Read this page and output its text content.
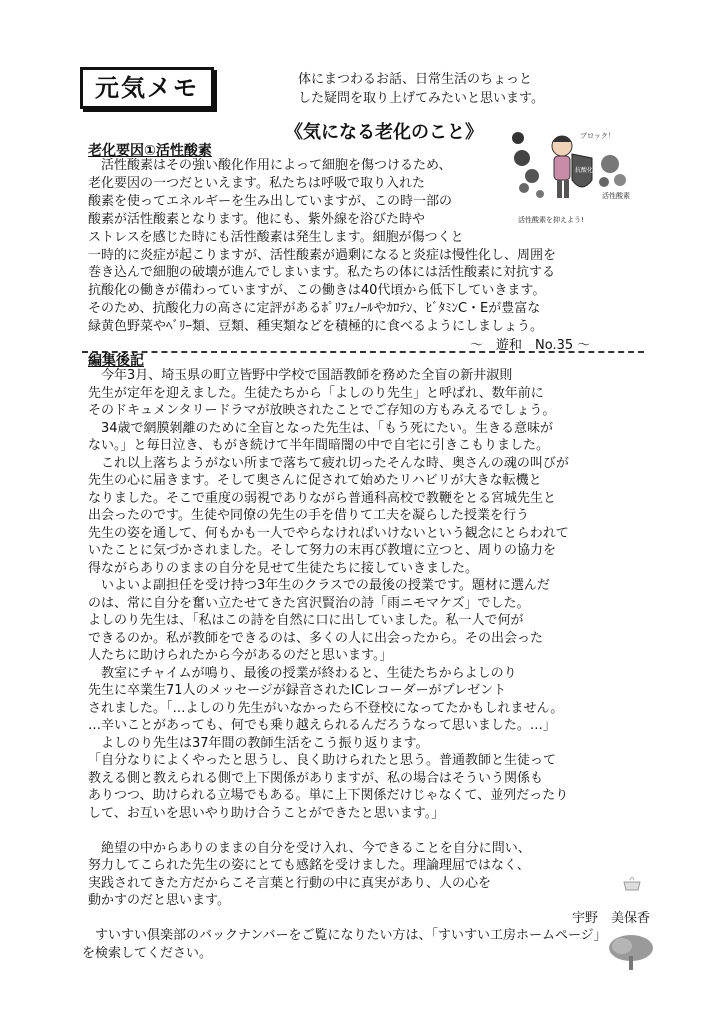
元気メモ	体にまつわるお話、日常生活のちょっと
した疑問を取り上げてみたいと思います。
《気になる老化のこと》
老化要因①活性酸素
　活性酸素はその強い酸化作用によって細胞を傷つけるため、
老化要因の一つだといえます。私たちは呼吸で取り入れた
酸素を使ってエネルギーを生み出していますが、この時一部の
酸素が活性酸素となります。他にも、紫外線を浴びた時や
ストレスを感じた時にも活性酸素は発生します。細胞が傷つくと
一時的に炎症が起こりますが、活性酸素が過剰になると炎症は慢性化し、周囲を
巻き込んで細胞の破壊が進んでしまいます。私たちの体には活性酸素に対抗する
抗酸化の働きが備わっていますが、この働きは40代頃から低下していきます。
そのため、抗酸化力の高さに定評があるﾎﾟﾘﾌｪﾉｰﾙやｶﾛﾃﾝ、ﾋﾞﾀﾐﾝC・Eが豊富な
緑黄色野菜やﾍﾞﾘｰ類、豆類、種実類などを積極的に食べるようにしましょう。
ブロック！
抗酸化
活性酸素
活性酸素を抑えよう!
～　遊和　No.35 ～
編集後記
　今年3月、埼玉県の町立皆野中学校で国語教師を務めた全盲の新井淑則
先生が定年を迎えました。生徒たちから「よしのり先生」と呼ばれ、数年前に
そのドキュメンタリードラマが放映されたことでご存知の方もみえるでしょう。
　34歳で網膜剝離のために全盲となった先生は、「もう死にたい。生きる意味が
ない。」と毎日泣き、もがき続けて半年間暗闇の中で自宅に引きこもりました。
　これ以上落ちようがない所まで落ちて疲れ切ったそんな時、奥さんの魂の叫びが
先生の心に届きます。そして奥さんに促されて始めたリハビリが大きな転機と
なりました。そこで重度の弱視でありながら普通科高校で教鞭をとる宮城先生と
出会ったのです。生徒や同僚の先生の手を借りて工夫を凝らした授業を行う
先生の姿を通して、何もかも一人でやらなければいけないという観念にとらわれて
いたことに気づかされました。そして努力の末再び教壇に立つと、周りの協力を
得ながらありのままの自分を見せて生徒たちに接していきました。
　いよいよ副担任を受け持つ3年生のクラスでの最後の授業です。題材に選んだ
のは、常に自分を奮い立たせてきた宮沢賢治の詩「雨ニモマケズ」でした。
よしのり先生は、「私はこの詩を自然に口に出していました。私一人で何が
できるのか。私が教師をできるのは、多くの人に出会ったから。その出会った
人たちに助けられたから今があるのだと思います。」
　教室にチャイムが鳴り、最後の授業が終わると、生徒たちからよしのり
先生に卒業生71人のメッセージが録音されたICレコーダーがプレゼント
されました。「…よしのり先生がいなかったら不登校になってたかもしれません。
…辛いことがあっても、何でも乗り越えられるんだろうなって思いました。…」
　よしのり先生は37年間の教師生活をこう振り返ります。
「自分なりによくやったと思うし、良く助けられたと思う。普通教師と生徒って
教える側と教えられる側で上下関係がありますが、私の場合はそういう関係も
ありつつ、助けられる立場でもある。単に上下関係だけじゃなくて、並列だったり
して、お互いを思いやり助け合うことができたと思います。」
　絶望の中からありのままの自分を受け入れ、今できることを自分に問い、
努力してこられた先生の姿にとても感銘を受けました。理論理屈ではなく、
実践されてきた方だからこそ言葉と行動の中に真実があり、人の心を
動かすのだと思います。
宇野　美保香
　すいすい倶楽部のバックナンバーをご覧になりたい方は、「すいすい工房ホームページ」
を検索してください。
